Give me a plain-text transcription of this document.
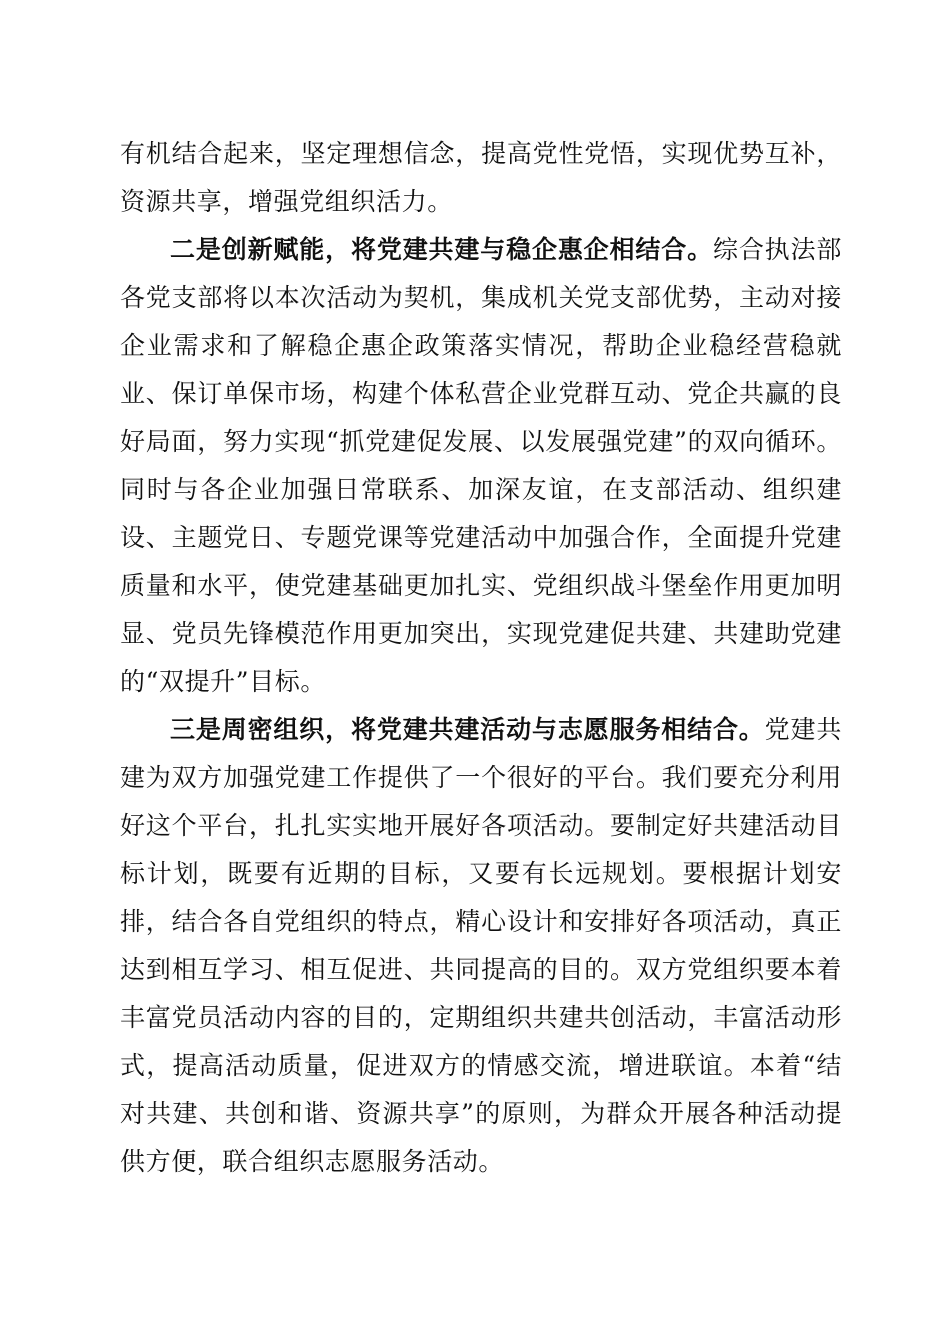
有机结合起来，坚定理想信念，提高党性党悟，实现优势互补，资源共享，增强党组织活力。

二是创新赋能，将党建共建与稳企惠企相结合。综合执法部各党支部将以本次活动为契机，集成机关党支部优势，主动对接企业需求和了解稳企惠企政策落实情况，帮助企业稳经营稳就业、保订单保市场，构建个体私营企业党群互动、党企共赢的良好局面，努力实现“抓党建促发展、以发展强党建”的双向循环。同时与各企业加强日常联系、加深友谊，在支部活动、组织建设、主题党日、专题党课等党建活动中加强合作，全面提升党建质量和水平，使党建基础更加扎实、党组织战斗堡垒作用更加明显、党员先锋模范作用更加突出，实现党建促共建、共建助党建的“双提升”目标。

三是周密组织，将党建共建活动与志愿服务相结合。党建共建为双方加强党建工作提供了一个很好的平台。我们要充分利用好这个平台，扎扎实实地开展好各项活动。要制定好共建活动目标计划，既要有近期的目标，又要有长远规划。要根据计划安排，结合各自党组织的特点，精心设计和安排好各项活动，真正达到相互学习、相互促进、共同提高的目的。双方党组织要本着丰富党员活动内容的目的，定期组织共建共创活动，丰富活动形式，提高活动质量，促进双方的情感交流，增进联谊。本着“结对共建、共创和谐、资源共享”的原则，为群众开展各种活动提供方便，联合组织志愿服务活动。
